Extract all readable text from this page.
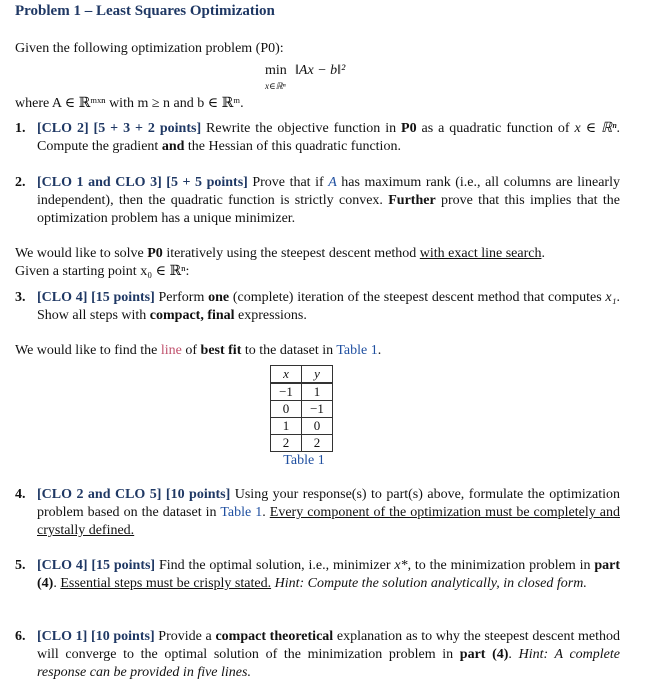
Problem 1 – Least Squares Optimization
Given the following optimization problem (P0):
min
x∈ℝⁿ
‖Ax − b‖²
where A ∈ ℝᵐˣⁿ with m ≥ n and b ∈ ℝᵐ.
1. [CLO 2] [5 + 3 + 2 points] Rewrite the objective function in P0 as a quadratic function of x ∈ ℝⁿ. Compute the gradient and the Hessian of this quadratic function.
2. [CLO 1 and CLO 3] [5 + 5 points] Prove that if A has maximum rank (i.e., all columns are linearly independent), then the quadratic function is strictly convex. Further prove that this implies that the optimization problem has a unique minimizer.
We would like to solve P0 iteratively using the steepest descent method with exact line search.
Given a starting point x₀ ∈ ℝⁿ:
3. [CLO 4] [15 points] Perform one (complete) iteration of the steepest descent method that computes x₁. Show all steps with compact, final expressions.
We would like to find the line of best fit to the dataset in Table 1.
x	y
−1	1
0	−1
1	0
2	2
Table 1
4. [CLO 2 and CLO 5] [10 points] Using your response(s) to part(s) above, formulate the optimization problem based on the dataset in Table 1. Every component of the optimization must be completely and crystally defined.
5. [CLO 4] [15 points] Find the optimal solution, i.e., minimizer x*, to the minimization problem in part (4). Essential steps must be crisply stated. Hint: Compute the solution analytically, in closed form.
6. [CLO 1] [10 points] Provide a compact theoretical explanation as to why the steepest descent method will converge to the optimal solution of the minimization problem in part (4). Hint: A complete response can be provided in five lines.
